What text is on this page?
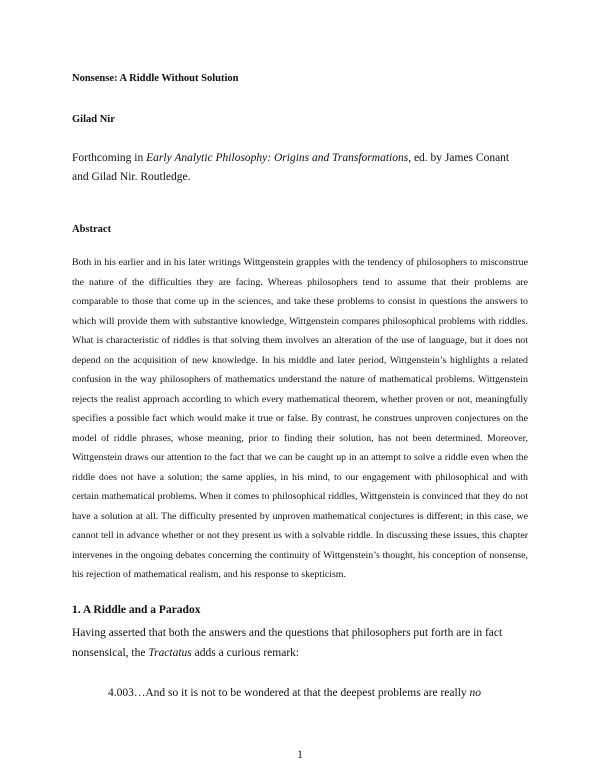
Nonsense: A Riddle Without Solution

Gilad Nir

Forthcoming in Early Analytic Philosophy: Origins and Transformations, ed. by James Conant and Gilad Nir. Routledge.

Abstract

Both in his earlier and in his later writings Wittgenstein grapples with the tendency of philosophers to misconstrue the nature of the difficulties they are facing. Whereas philosophers tend to assume that their problems are comparable to those that come up in the sciences, and take these problems to consist in questions the answers to which will provide them with substantive knowledge, Wittgenstein compares philosophical problems with riddles. What is characteristic of riddles is that solving them involves an alteration of the use of language, but it does not depend on the acquisition of new knowledge. In his middle and later period, Wittgenstein’s highlights a related confusion in the way philosophers of mathematics understand the nature of mathematical problems. Wittgenstein rejects the realist approach according to which every mathematical theorem, whether proven or not, meaningfully specifies a possible fact which would make it true or false. By contrast, he construes unproven conjectures on the model of riddle phrases, whose meaning, prior to finding their solution, has not been determined. Moreover, Wittgenstein draws our attention to the fact that we can be caught up in an attempt to solve a riddle even when the riddle does not have a solution; the same applies, in his mind, to our engagement with philosophical and with certain mathematical problems. When it comes to philosophical riddles, Wittgenstein is convinced that they do not have a solution at all. The difficulty presented by unproven mathematical conjectures is different; in this case, we cannot tell in advance whether or not they present us with a solvable riddle. In discussing these issues, this chapter intervenes in the ongoing debates concerning the continuity of Wittgenstein’s thought, his conception of nonsense, his rejection of mathematical realism, and his response to skepticism.

1. A Riddle and a Paradox

Having asserted that both the answers and the questions that philosophers put forth are in fact nonsensical, the Tractatus adds a curious remark:

4.003…And so it is not to be wondered at that the deepest problems are really no

1
